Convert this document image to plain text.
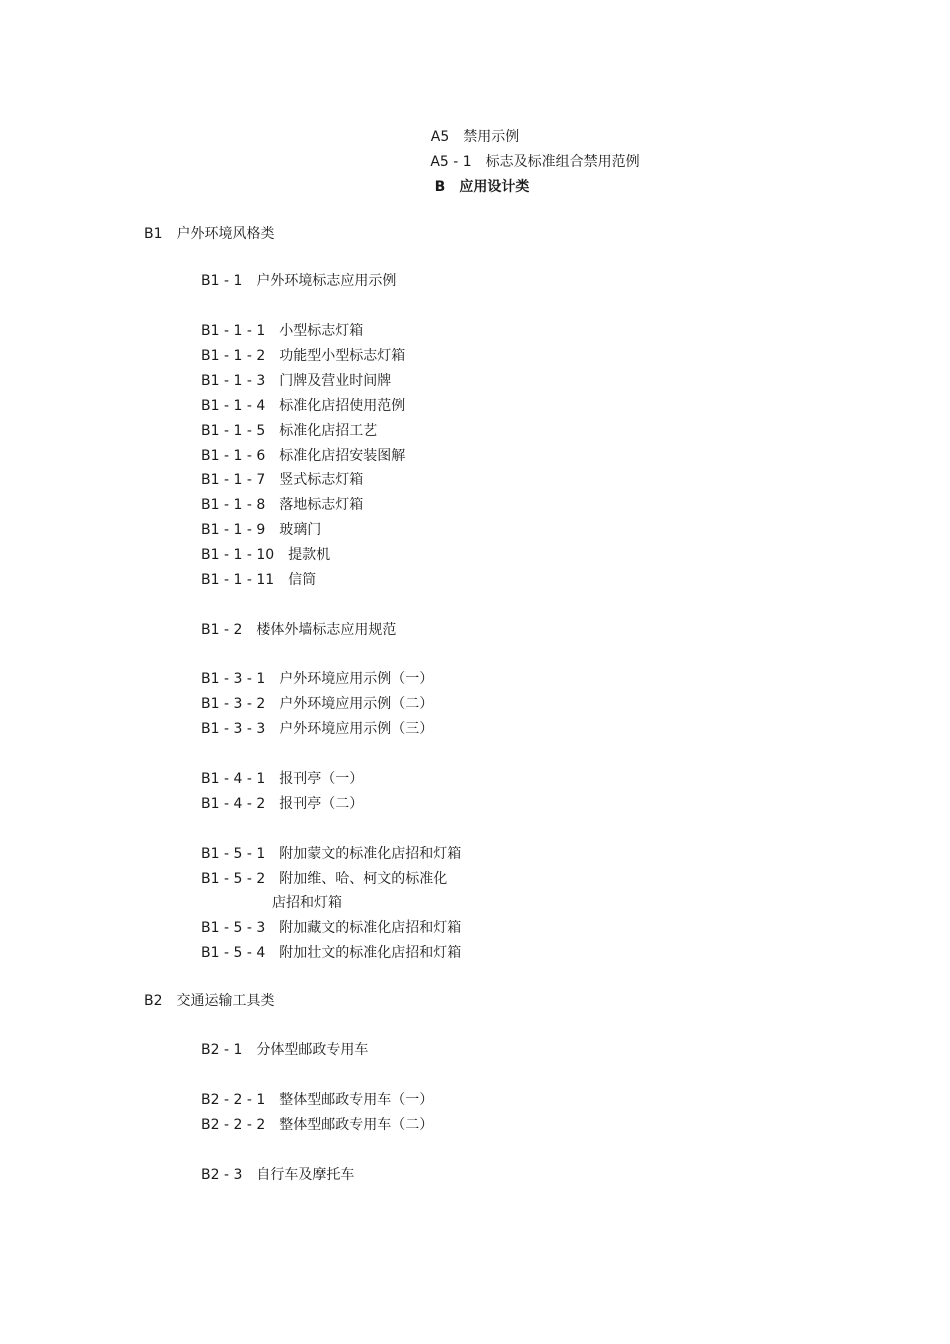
A5　禁用示例
A5 - 1　标志及标准组合禁用范例
B　应用设计类
B1　户外环境风格类
B1 - 1　户外环境标志应用示例
B1 - 1 - 1　小型标志灯箱
B1 - 1 - 2　功能型小型标志灯箱
B1 - 1 - 3　门牌及营业时间牌
B1 - 1 - 4　标准化店招使用范例
B1 - 1 - 5　标准化店招工艺
B1 - 1 - 6　标准化店招安装图解
B1 - 1 - 7　竖式标志灯箱
B1 - 1 - 8　落地标志灯箱
B1 - 1 - 9　玻璃门
B1 - 1 - 10　提款机
B1 - 1 - 11　信筒
B1 - 2　楼体外墙标志应用规范
B1 - 3 - 1　户外环境应用示例（一）
B1 - 3 - 2　户外环境应用示例（二）
B1 - 3 - 3　户外环境应用示例（三）
B1 - 4 - 1　报刊亭（一）
B1 - 4 - 2　报刊亭（二）
B1 - 5 - 1　附加蒙文的标准化店招和灯箱
B1 - 5 - 2　附加维、哈、柯文的标准化
店招和灯箱
B1 - 5 - 3　附加藏文的标准化店招和灯箱
B1 - 5 - 4　附加壮文的标准化店招和灯箱
B2　交通运输工具类
B2 - 1　分体型邮政专用车
B2 - 2 - 1　整体型邮政专用车（一）
B2 - 2 - 2　整体型邮政专用车（二）
B2 - 3　自行车及摩托车
